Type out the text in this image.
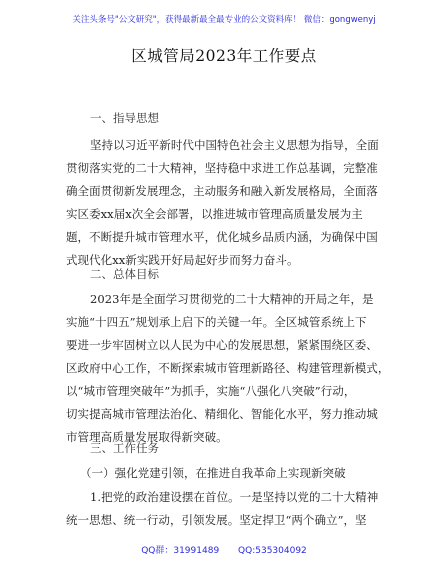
关注头条号"公文研究"，获得最新最全最专业的公文资料库！ 微信：gongwenyj
区城管局2023年工作要点
一、指导思想
坚持以习近平新时代中国特色社会主义思想为指导，全面
贯彻落实党的二十大精神，坚持稳中求进工作总基调，完整准
确全面贯彻新发展理念，主动服务和融入新发展格局，全面落
实区委xx届x次全会部署，以推进城市管理高质量发展为主
题，不断提升城市管理水平，优化城乡品质内涵，为确保中国
式现代化xx新实践开好局起好步而努力奋斗。
二、总体目标
2023年是全面学习贯彻党的二十大精神的开局之年，是
实施“十四五”规划承上启下的关键一年。全区城管系统上下
要进一步牢固树立以人民为中心的发展思想，紧紧围绕区委、
区政府中心工作，不断探索城市管理新路径、构建管理新模式，
以“城市管理突破年”为抓手，实施“八强化八突破”行动，
切实提高城市管理法治化、精细化、智能化水平，努力推动城
市管理高质量发展取得新突破。
三、工作任务
（一）强化党建引领，在推进自我革命上实现新突破
1.把党的政治建设摆在首位。一是坚持以党的二十大精神
统一思想、统一行动，引领发展。坚定捍卫“两个确立”，坚
QQ群：31991489 QQ:535304092
